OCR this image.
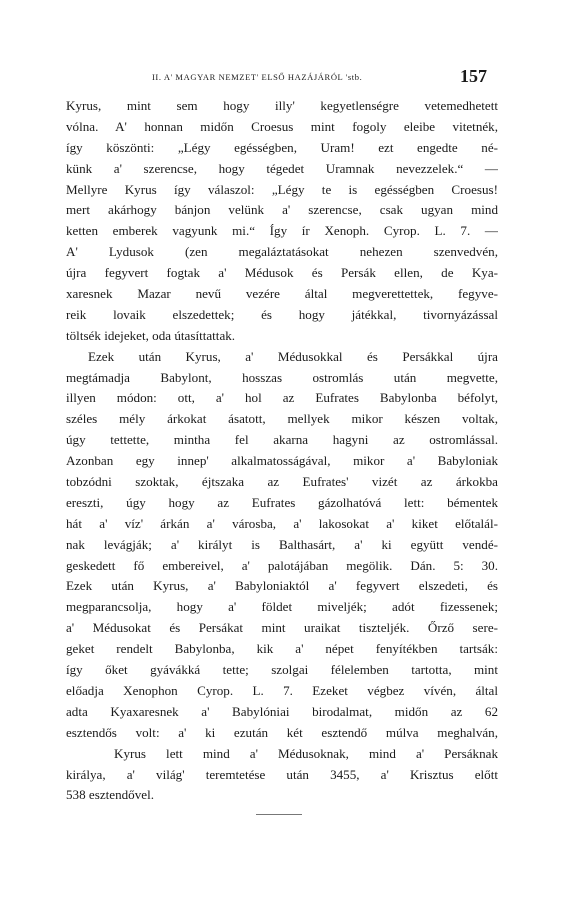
II. A' MAGYAR NEMZET' ELSŐ HAZÁJÁRÓL 'stb.	157
Kyrus, mint sem hogy illy' kegyetlenségre vetemedhetett
vólna. A' honnan midőn Croesus mint fogoly eleibe vitetnék,
így köszönti: „Légy egésségben, Uram! ezt engedte né-
künk a' szerencse, hogy tégedet Uramnak nevezzelek.“ —
Mellyre Kyrus így válaszol: „Légy te is egésségben Croesus!
mert akárhogy bánjon velünk a' szerencse, csak ugyan mind
ketten emberek vagyunk mi.“ Így ír Xenoph. Cyrop. L. 7. —
A' Lydusok (zen megaláztatásokat nehezen szenvedvén,
újra fegyvert fogtak a' Médusok és Persák ellen, de Kya-
xaresnek Mazar nevű vezére által megverettettek, fegyve-
reik lovaik elszedettek; és hogy játékkal, tivornyázással
töltsék idejeket, oda útasíttattak.
Ezek után Kyrus, a' Médusokkal és Persákkal újra
megtámadja Babylont, hosszas ostromlás után megvette,
illyen módon: ott, a' hol az Eufrates Babylonba béfolyt,
széles mély árkokat ásatott, mellyek mikor készen voltak,
úgy tettette, mintha fel akarna hagyni az ostromlással.
Azonban egy innep' alkalmatosságával, mikor a' Babyloniak
tobzódni szoktak, éjtszaka az Eufrates' vizét az árkokba
ereszti, úgy hogy az Eufrates gázolhatóvá lett: bémentek
hát a' víz' árkán a' városba, a' lakosokat a' kiket előtalál-
nak levágják; a' királyt is Balthasárt, a' ki együtt vendé-
geskedett fő embereivel, a' palotájában megölik. Dán. 5: 30.
Ezek után Kyrus, a' Babyloniaktól a' fegyvert elszedeti, és
megparancsolja, hogy a' földet miveljék; adót fizessenek;
a' Médusokat és Persákat mint uraikat tiszteljék. Őrző sere-
geket rendelt Babylonba, kik a' népet fenyítékben tartsák:
így őket gyávákká tette; szolgai félelemben tartotta, mint
előadja Xenophon Cyrop. L. 7. Ezeket végbez vívén, által
adta Kyaxaresnek a' Babylóniai birodalmat, midőn az 62
esztendős volt: a' ki ezután két esztendő múlva meghalván,
Kyrus lett mind a' Médusoknak, mind a' Persáknak
királya, a' világ' teremtetése után 3455, a' Krisztus előtt
538 esztendővel.
